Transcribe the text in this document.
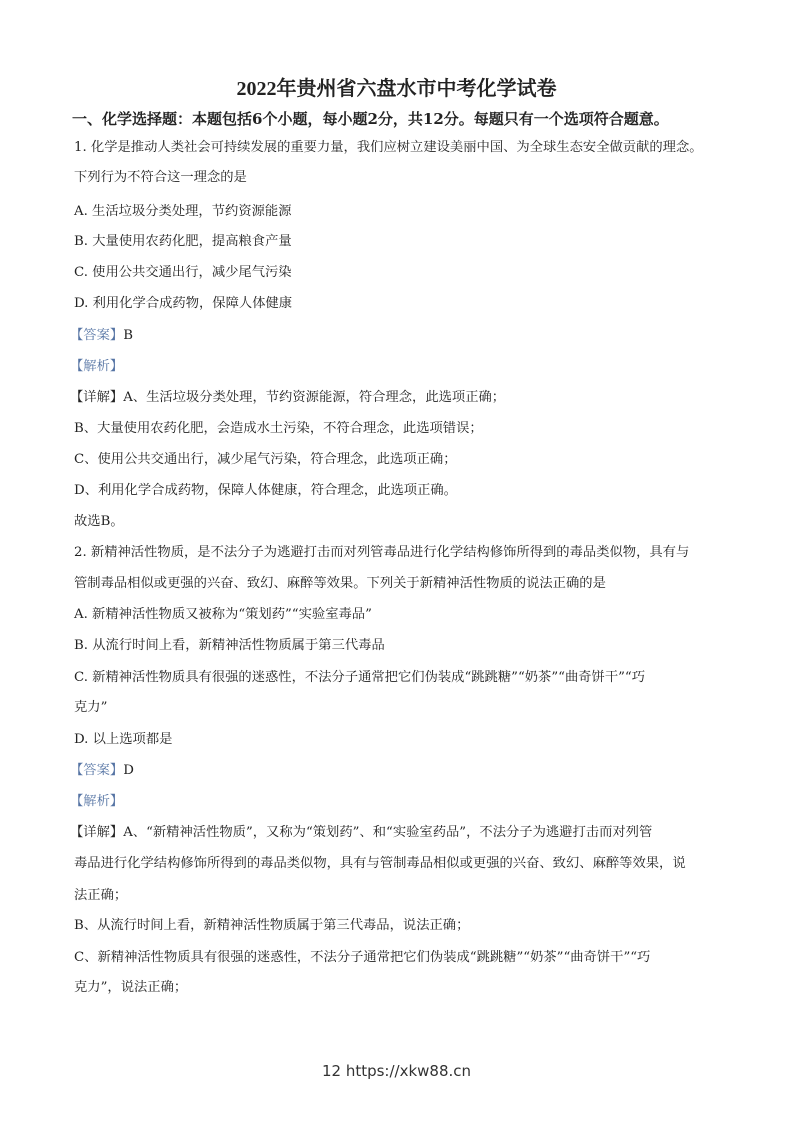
2022年贵州省六盘水市中考化学试卷
一、化学选择题：本题包括6个小题，每小题2分，共12分。每题只有一个选项符合题意。
1. 化学是推动人类社会可持续发展的重要力量，我们应树立建设美丽中国、为全球生态安全做贡献的理念。
下列行为不符合这一理念的是
A. 生活垃圾分类处理，节约资源能源
B. 大量使用农药化肥，提高粮食产量
C. 使用公共交通出行，减少尾气污染
D. 利用化学合成药物，保障人体健康
【答案】B
【解析】
【详解】A、生活垃圾分类处理，节约资源能源，符合理念，此选项正确；
B、大量使用农药化肥，会造成水土污染，不符合理念，此选项错误；
C、使用公共交通出行，减少尾气污染，符合理念，此选项正确；
D、利用化学合成药物，保障人体健康，符合理念，此选项正确。
故选B。
2. 新精神活性物质，是不法分子为逃避打击而对列管毒品进行化学结构修饰所得到的毒品类似物，具有与
管制毒品相似或更强的兴奋、致幻、麻醉等效果。下列关于新精神活性物质的说法正确的是
A. 新精神活性物质又被称为“策划药”“实验室毒品”
B. 从流行时间上看，新精神活性物质属于第三代毒品
C. 新精神活性物质具有很强的迷惑性，不法分子通常把它们伪装成“跳跳糖”“奶茶”“曲奇饼干”“巧
克力”
D. 以上选项都是
【答案】D
【解析】
【详解】A、“新精神活性物质”，又称为“策划药”、和“实验室药品”，不法分子为逃避打击而对列管
毒品进行化学结构修饰所得到的毒品类似物，具有与管制毒品相似或更强的兴奋、致幻、麻醉等效果，说
法正确；
B、从流行时间上看，新精神活性物质属于第三代毒品，说法正确；
C、新精神活性物质具有很强的迷惑性，不法分子通常把它们伪装成“跳跳糖”“奶茶”“曲奇饼干”“巧
克力”，说法正确；
12 https://xkw88.cn
